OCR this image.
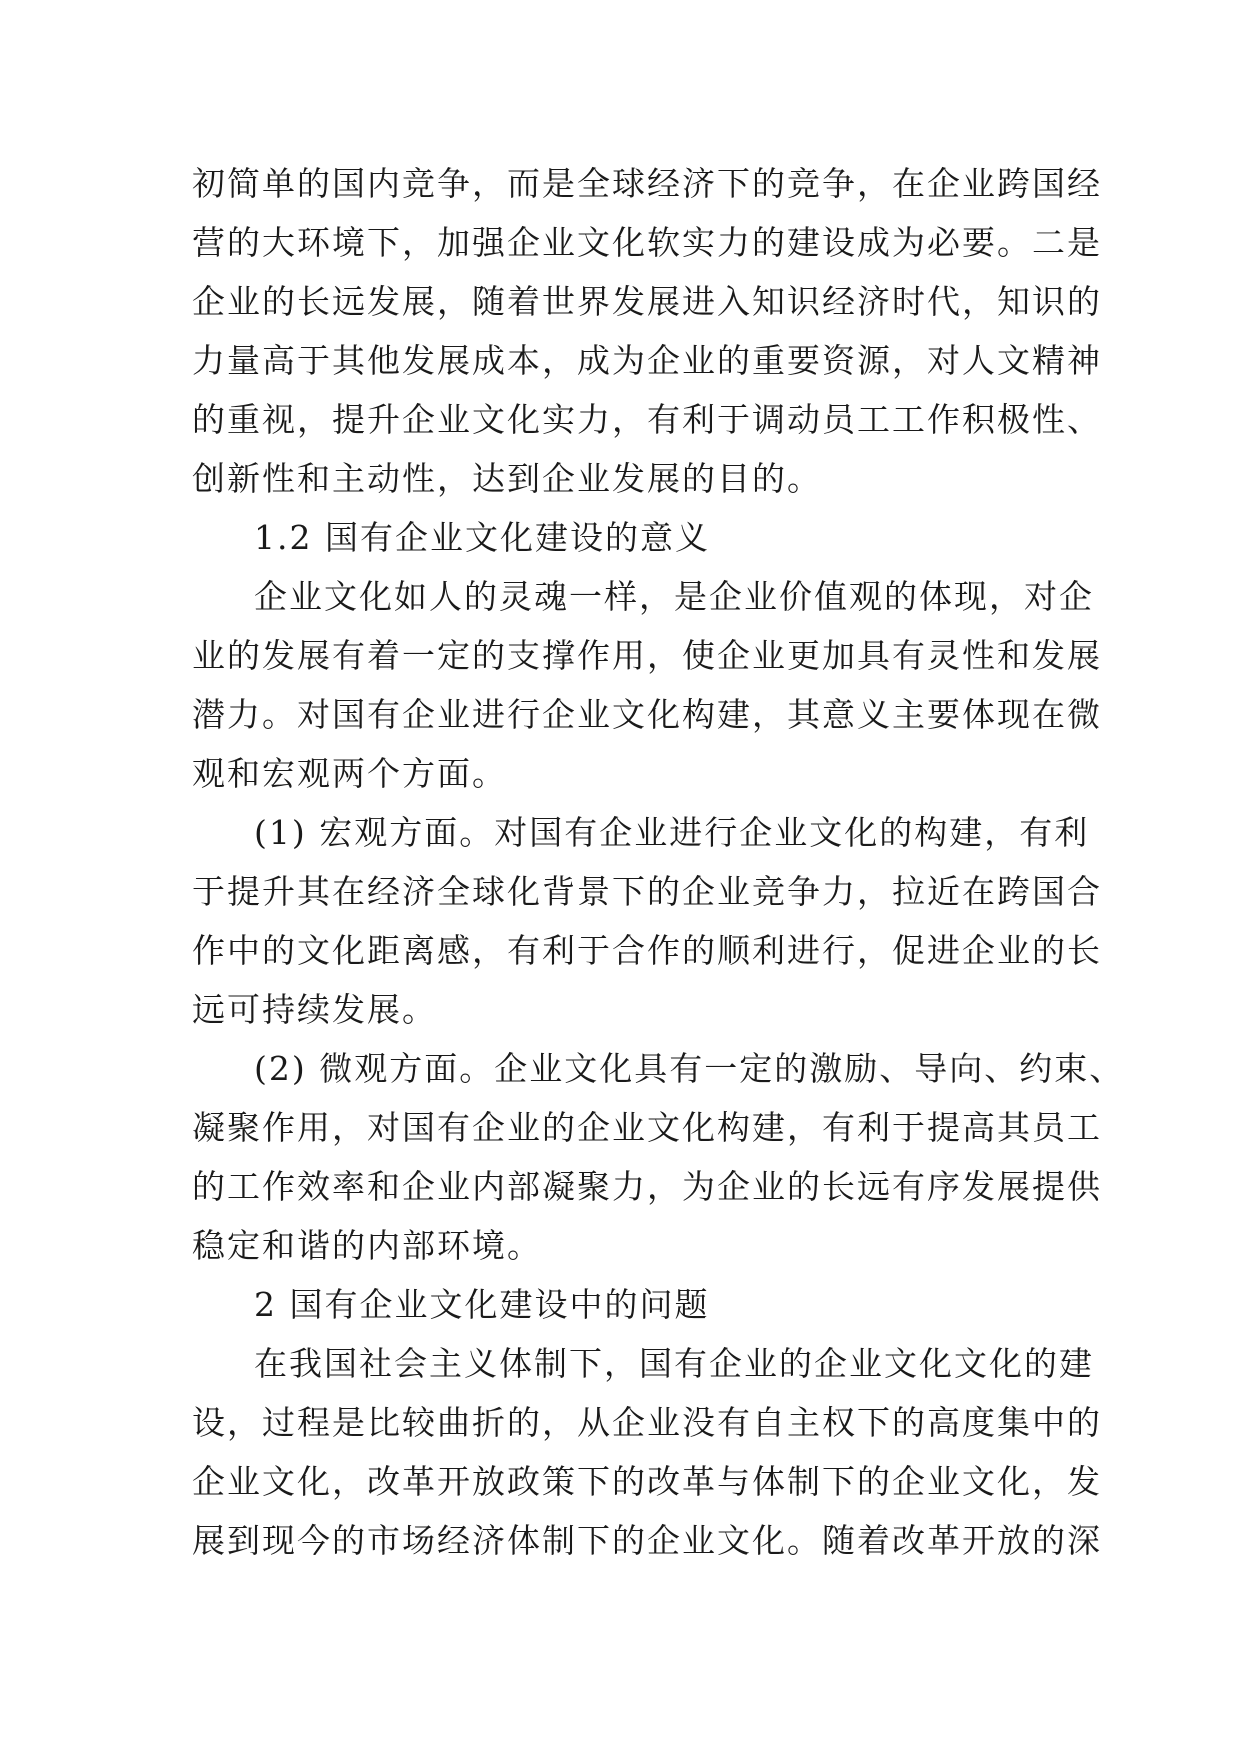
初简单的国内竞争，而是全球经济下的竞争，在企业跨国经
营的大环境下，加强企业文化软实力的建设成为必要。二是
企业的长远发展，随着世界发展进入知识经济时代，知识的
力量高于其他发展成本，成为企业的重要资源，对人文精神
的重视，提升企业文化实力，有利于调动员工工作积极性、
创新性和主动性，达到企业发展的目的。
1.2 国有企业文化建设的意义
企业文化如人的灵魂一样，是企业价值观的体现，对企
业的发展有着一定的支撑作用，使企业更加具有灵性和发展
潜力。对国有企业进行企业文化构建，其意义主要体现在微
观和宏观两个方面。
(1) 宏观方面。对国有企业进行企业文化的构建，有利
于提升其在经济全球化背景下的企业竞争力，拉近在跨国合
作中的文化距离感，有利于合作的顺利进行，促进企业的长
远可持续发展。
(2) 微观方面。企业文化具有一定的激励、导向、约束、
凝聚作用，对国有企业的企业文化构建，有利于提高其员工
的工作效率和企业内部凝聚力，为企业的长远有序发展提供
稳定和谐的内部环境。
2 国有企业文化建设中的问题
在我国社会主义体制下，国有企业的企业文化文化的建
设，过程是比较曲折的，从企业没有自主权下的高度集中的
企业文化，改革开放政策下的改革与体制下的企业文化，发
展到现今的市场经济体制下的企业文化。随着改革开放的深
